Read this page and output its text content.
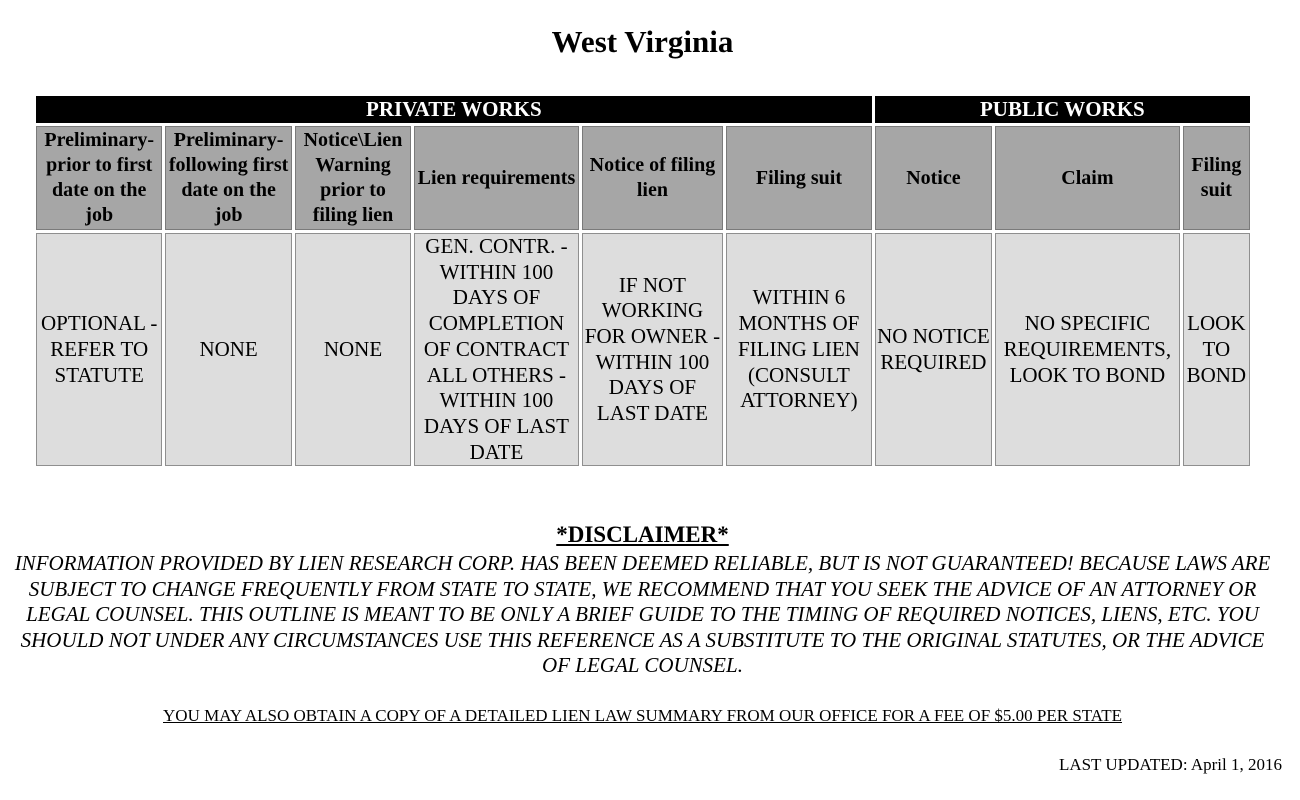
West Virginia
PRIVATE WORKS						PUBLIC WORKS		
Preliminary- prior to first date on the job	Preliminary- following first date on the job	Notice\Lien Warning prior to filing lien	Lien requirements	Notice of filing lien	Filing suit	Notice	Claim	Filing suit
OPTIONAL - REFER TO STATUTE	NONE	NONE	GEN. CONTR. - WITHIN 100 DAYS OF COMPLETION OF CONTRACT ALL OTHERS - WITHIN 100 DAYS OF LAST DATE	IF NOT WORKING FOR OWNER - WITHIN 100 DAYS OF LAST DATE	WITHIN 6 MONTHS OF FILING LIEN (CONSULT ATTORNEY)	NO NOTICE REQUIRED	NO SPECIFIC REQUIREMENTS, LOOK TO BOND	LOOK TO BOND
*DISCLAIMER*
INFORMATION PROVIDED BY LIEN RESEARCH CORP. HAS BEEN DEEMED RELIABLE, BUT IS NOT GUARANTEED! BECAUSE LAWS ARE SUBJECT TO CHANGE FREQUENTLY FROM STATE TO STATE, WE RECOMMEND THAT YOU SEEK THE ADVICE OF AN ATTORNEY OR LEGAL COUNSEL. THIS OUTLINE IS MEANT TO BE ONLY A BRIEF GUIDE TO THE TIMING OF REQUIRED NOTICES, LIENS, ETC. YOU SHOULD NOT UNDER ANY CIRCUMSTANCES USE THIS REFERENCE AS A SUBSTITUTE TO THE ORIGINAL STATUTES, OR THE ADVICE OF LEGAL COUNSEL.
YOU MAY ALSO OBTAIN A COPY OF A DETAILED LIEN LAW SUMMARY FROM OUR OFFICE FOR A FEE OF $5.00 PER STATE
LAST UPDATED: April 1, 2016
